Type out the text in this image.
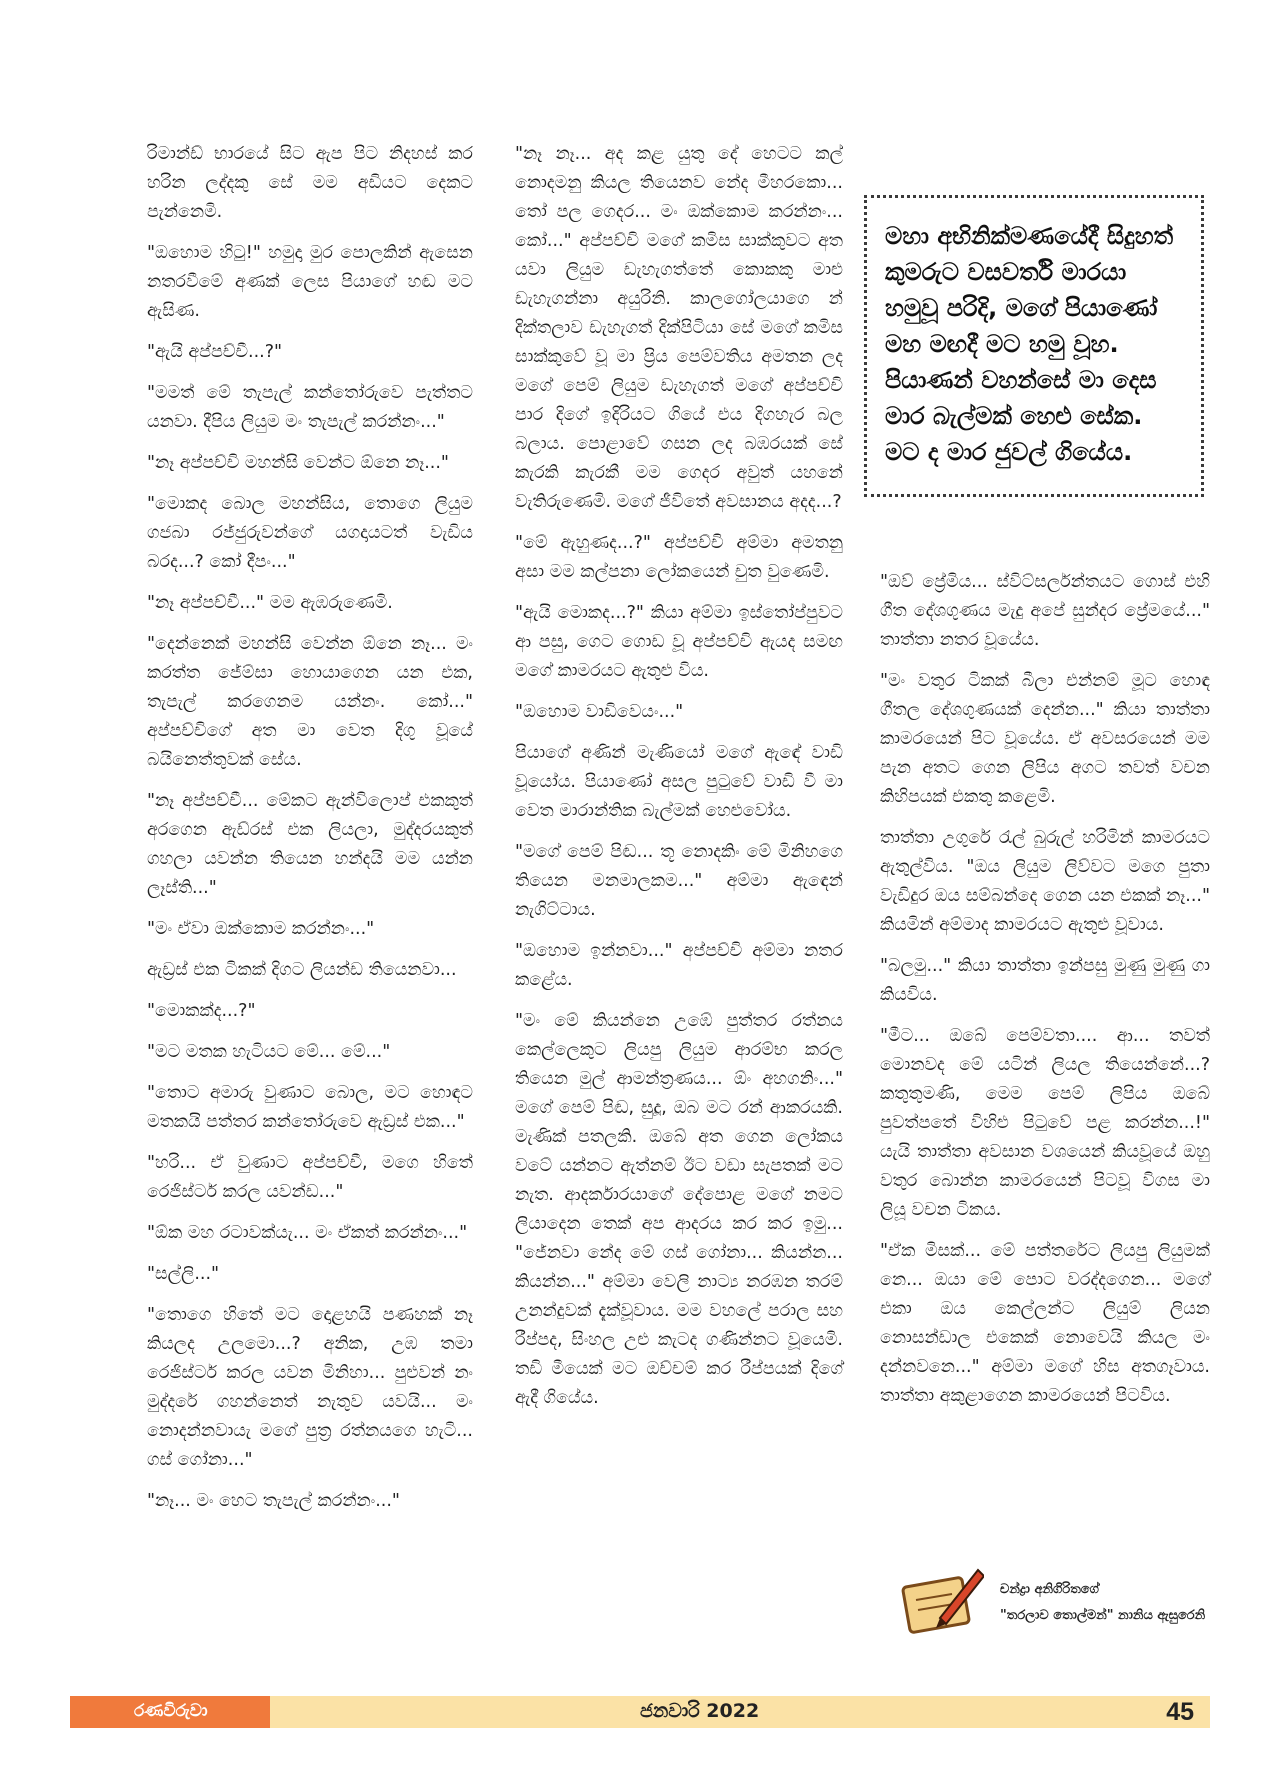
රිමාන්ඩ් භාරයේ සිට ඇප පිට නිදහස් කර හරින ලද්දකු සේ මම අඩියට දෙකට පැන්නෙමි.

"ඔහොම හිටු!" හමුදා මුර පොලකින් ඇසෙන නතරවීමේ අණක් ලෙස පියාගේ හඬ මට ඇසිණ.

"ඇයි අප්පච්චී...?"

"මමත් මේ තැපැල් කන්තෝරුවෙ පැත්තට යනවා. දීපිය ලියුම මං තැපැල් කරන්නං..."

"නෑ අප්පච්චි මහන්සි වෙන්ට ඕනෙ නෑ..."

"මොකද බොල මහන්සිය, තොගෙ ලියුම ගජබා රජ්ජුරුවන්ගේ යගදායටත් වැඩිය බරද...? කෝ දීපං..."

"නෑ අප්පච්චී..." මම ඇඹරුණෙමි.

"දෙන්නෙක් මහන්සි වෙන්න ඕනෙ නෑ... මං කරත්ත ජේම්සා හොයාගෙන යන එක, තැපැල් කරගෙනම යන්නං. කෝ..." අප්පච්චිගේ අත මා වෙත දිගු වූයේ බයිනෙත්තුවක් සේය.

"නෑ අප්පච්චී... මේකට ඇන්විලොප් එකකුත් අරගෙන ඇඩ්රස් එක ලියලා, මුද්දරයකුත් ගහලා යවන්න තියෙන හන්දයි මම යන්න ලෑස්ති..."

"මං ඒවා ඔක්කොම කරන්නං..."

ඇඩ්‍රස් එක ටිකක් දිගට ලියන්ඩ තියෙනවා...

"මොකක්ද...?"

"මට මතක හැටියට මේ... මේ..."

"තොට අමාරු වුණාට බොල, මට හොඳට මතකයි පත්තර කන්තෝරුවෙ ඇඩ්‍රස් එක..."

"හරි... ඒ වුණාට අප්පච්චී, මගෙ හිතේ රෙජිස්ටර් කරල යවන්ඩ..."

"ඕක මහ රටාවක්යැ... මං ඒකත් කරන්නං..."

"සල්ලි..."

"තොගෙ හිතේ මට දොළහයි පණහක් නෑ කියලද උලමො...? අනික, උඹ තමා රෙජිස්ටර් කරල යවන මිනිහා... පුළුවන් නං මුද්දරේ ගහන්නෙත් නැතුව යවයි... මං නොදන්නවායැ මගේ පුත්‍ර රත්නයගෙ හැටි... ගස් ගෝනා..."

"නෑ... මං හෙට තැපැල් කරන්නං..."

"නෑ නෑ... අද කළ යුතු දේ හෙටට කල් නොදමනු කියල තියෙනව නේද මීහරකො... තෝ පල ගෙදර... මං ඔක්කොම කරන්නං... කෝ..." අප්පච්චි මගේ කමිස සාක්කුවට අත යවා ලියුම ඩැහැගත්තේ කොකකු මාළු ඩැහැගන්නා අයුරිනි. කාලගෝලයාගෙ න් දික්තලාව ඩැහැගත් දික්පිටියා සේ මගේ කමිස සාක්කුවේ වූ මා ප්‍රිය පෙම්වතිය අමතන ලද මගේ පෙම් ලියුම ඩැහැගත් මගේ අප්පච්චි පාර දිගේ ඉදිරියට ගියේ එය දිගහැර බල බලාය. පොළාවේ ගසන ලද බඹරයක් සේ කැරකි කැරකී මම ගෙදර අවුත් යහනේ වැතිරුණෙමි. මගේ ජීවිතේ අවසානය අදද...?

"මේ ඇහුණද...?" අප්පච්චි අම්මා අමතනු අසා මම කල්පනා ලෝකයෙන් චුත වුණෙමි.

"ඇයි මොකද...?" කියා අම්මා ඉස්තෝප්පුවට ආ පසු, ගෙට ගොඩ වූ අප්පච්චි ඇයද සමඟ මගේ කාමරයට ඇතුළු විය.

"ඔහොම වාඩිවෙයං..."

පියාගේ අණින් මැණියෝ මගේ ඇඳේ වාඩි වූයෝය. පියාණෝ අසල පුටුවේ වාඩි වී මා වෙත මාරාන්තික බැල්මක් හෙළුවෝය.

"මගේ පෙම් පිඬ... තූ නොදකිං මේ මිනිහගෙ තියෙන මනමාලකම..." අම්මා ඇඳෙන් නැගිට්ටාය.

"ඔහොම ඉන්නවා..." අප්පච්චි අම්මා නතර කළේය.

"මං මේ කියන්නෙ උඹේ පුත්තර රත්නය කෙල්ලෙකුට ලියපු ලියුම ආරම්භ කරල තියෙන මුල් ආමන්ත්‍රණය... ඕං අහගනිං..." මගේ පෙම් පිඬ, සුදූ, ඔබ මට රන් ආකරයකි. මැණික් පතලකි. ඔබේ අත ගෙන ලෝකය වටේ යන්නට ඇත්නම් ඊට වඩා සැපතක් මට නැත. ආදර්කාරයාගේ දේපොළ මගේ නමට ලියාදෙන තෙක් අප ආදරය කර කර ඉමු... "ජේනවා නේද මේ ගස් ගෝනා... කියන්න... කියන්න..." අම්මා වෙලි නාට්‍ය නරඹන තරම් උනන්දුවක් දැක්වූවාය. මම වහලේ පරාල සහ රීප්පද, සිංහල උළු කැටද ගණින්නට වූයෙමි. තඩි මීයෙක් මට ඔච්චම් කර රීප්පයක් දිගේ ඇදී ගියේය.

මහා අභිනික්මණයේදී සිදුහත් කුමරුට වසවර්ති මාරයා හමුවූ පරිදි, මගේ පියාණෝ මහ මඟදී මට හමු වූහ. පියාණන් වහන්සේ මා දෙස මාර බැල්මක් හෙළු සේක. මට ද මාර ජුවල් ගියේය.

"ඔව් ප්‍රේමිය... ස්විට්සර්ලන්තයට ගොස් එහි ගීත දේශගුණය මැදු අපේ සුන්දර ප්‍රේමයේ..." තාත්තා නතර වූයේය.

"මං වතුර ටිකක් බීලා එන්නම් මූට හොඳ ගීතල දේශගුණයක් දෙන්න..." කියා තාත්තා කාමරයෙන් පිට වූයේය. ඒ අවසරයෙන් මම පැන අතට ගෙන ලිපිය අගට තවත් වචන කිහිපයක් එකතු කළෙමි.

තාත්තා උගුරේ රැල් බුරුල් හරිමින් කාමරයට ඇතුල්විය. "ඔය ලියුම ලිව්වට මගෙ පුතා වැඩිදුර ඔය සම්බන්දෙ ගෙන යන එකක් නෑ..." කියමින් අම්මාද කාමරයට ඇතුළු වූවාය.

"බලමු..." කියා තාත්තා ඉන්පසු මුණු මුණු ගා කියවිය.

"මීට... ඔබේ පෙම්වතා.... ආ... තවත් මොනවද මේ යටින් ලියල තියෙන්නේ...? කතුතුමණි, මෙම පෙම් ලිපිය ඔබේ පුවත්පතේ විහිළු පිටුවේ පළ කරන්න...!" යැයි තාත්තා අවසාන වශයෙන් කියවූයේ ඔහු වතුර බොන්න කාමරයෙන් පිටවූ විගස මා ලියූ වචන ටිකය.

"ඒක මිසක්... මේ පත්තරේට ලියපු ලියුමක් නෙ... ඔයා මේ පොට වරද්දගෙන... මගේ එකා ඔය කෙල්ලන්ට ලියුම් ලියන නොසන්ඩාල එකෙක් නොවෙයි කියල මං දන්නවනෙ..." අම්මා මගේ හිස අතගෑවාය. තාත්තා අකුළාගෙන කාමරයෙන් පිටවිය.

චන්ද්‍රා අනිගිරිතගේ
"තරලාව තොල්මන්" නානිය ඇසුරෙනි
රණවිරුවා	ජනවාරි 2022	45
